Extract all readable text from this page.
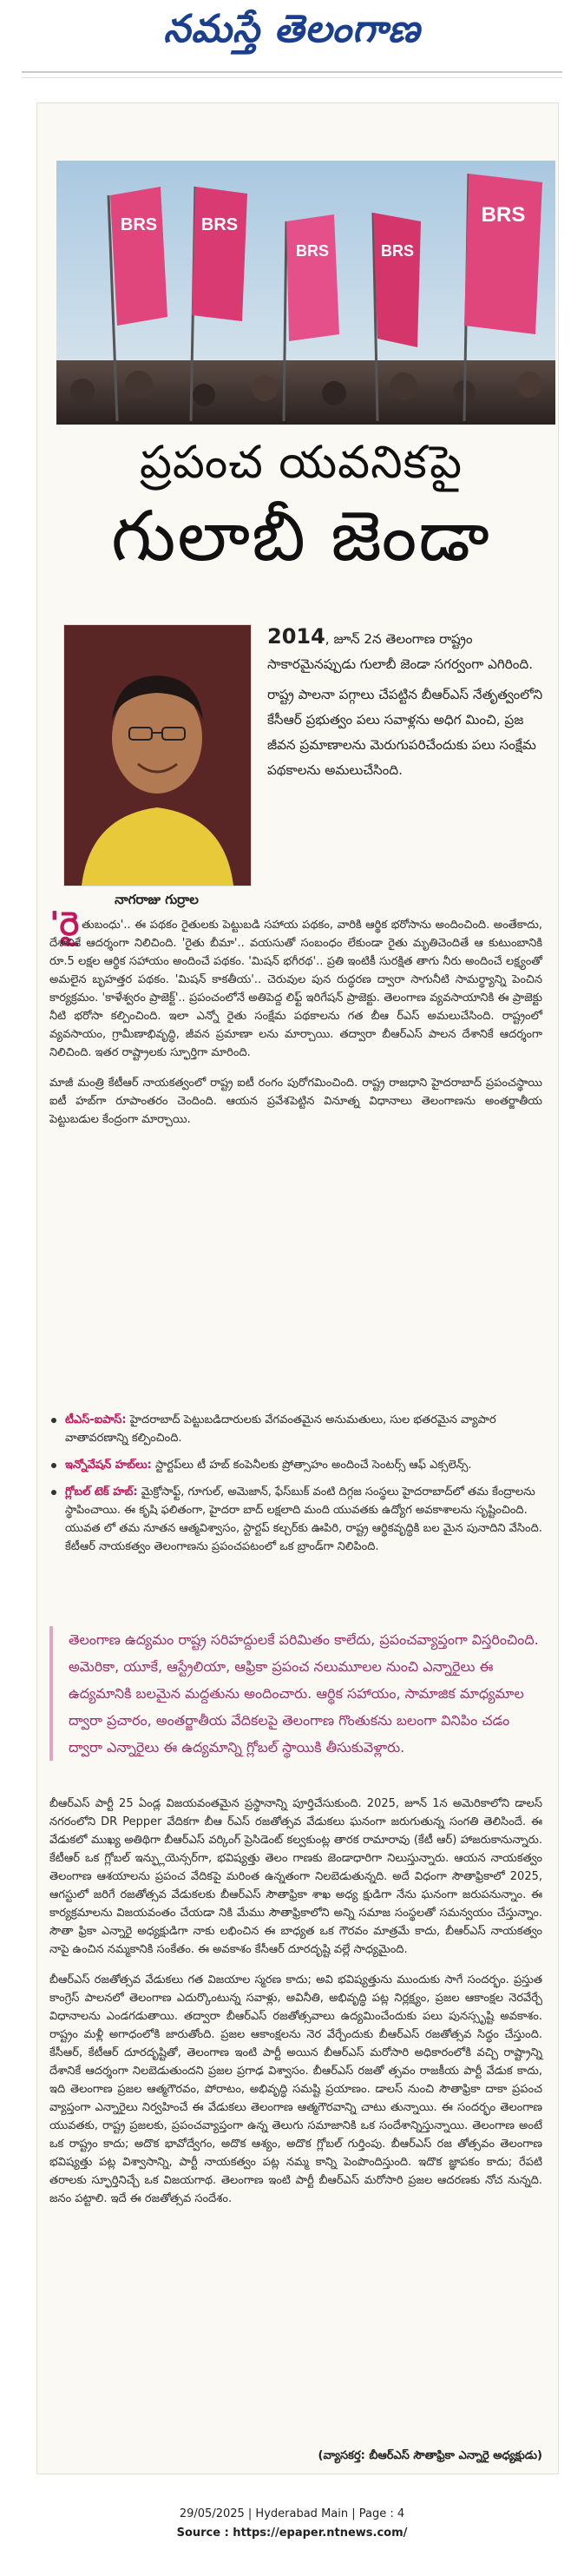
నమస్తే తెలంగాణ
BRS	BRS
BRS	BRS
BRS
ప్రపంచ యవనికపై
గులాబీ జెండా
నాగరాజు గుర్రాల

2014, జూన్ 2న తెలంగాణ రాష్ట్రం సాకారమైనప్పుడు గులాబీ జెండా సగర్వంగా ఎగిరింది.

రాష్ట్ర పాలనా పగ్గాలు చేపట్టిన బీఆర్ఎస్ నేతృత్వంలోని కేసీఆర్ ప్రభుత్వం పలు సవాళ్లను అధిగ మించి, ప్రజ జీవన ప్రమాణాలను మెరుగుపరిచేందుకు పలు సంక్షేమ పథకాలను అమలుచేసింది.

'రైతుబంధు'.. ఈ పథకం రైతులకు పెట్టుబడి సహాయ పథకం, వారికి ఆర్థిక భరోసాను అందించింది. అంతేకాదు, దేశానికే ఆదర్శంగా నిలిచింది. 'రైతు బీమా'.. వయసుతో సంబంధం లేకుండా రైతు మృతిచెందితే ఆ కుటుంబానికి రూ.5 లక్షల ఆర్థిక సహాయం అందించే పథకం. 'మిషన్ భగీరథ'.. ప్రతి ఇంటికీ సురక్షిత తాగు నీరు అందించే లక్ష్యంతో అమలైన బృహత్తర పథకం. 'మిషన్ కాకతీయ'.. చెరువుల పున రుద్ధరణ ద్వారా సాగునీటి సామర్థ్యాన్ని పెంచిన కార్యక్రమం. 'కాళేశ్వరం ప్రాజెక్ట్'.. ప్రపంచంలోనే అతిపెద్ద లిఫ్ట్ ఇరిగేషన్ ప్రాజెక్టు. తెలంగాణ వ్యవసాయానికి ఈ ప్రాజెక్టు నీటి భరోసా కల్పించింది. ఇలా ఎన్నో రైతు సంక్షేమ పథకాలను గత బీఆ ర్ఎస్ అమలుచేసింది. రాష్ట్రంలో వ్యవసాయం, గ్రామీణాభివృద్ధి, జీవన ప్రమాణా లను మార్చాయి. తద్వారా బీఆర్ఎస్ పాలన దేశానికే ఆదర్శంగా నిలిచింది. ఇతర రాష్ట్రాలకు స్ఫూర్తిగా మారింది.

మాజీ మంత్రి కేటీఆర్ నాయకత్వంలో రాష్ట్ర ఐటీ రంగం పురోగమించింది. రాష్ట్ర రాజధాని హైదరాబాద్ ప్రపంచస్థాయి ఐటీ హబ్‌గా రూపాంతరం చెందింది. ఆయన ప్రవేశపెట్టిన వినూత్న విధానాలు తెలంగాణను అంతర్జాతీయ పెట్టుబడుల కేంద్రంగా మార్చాయి.

టీఎస్-ఐపాస్: హైదరాబాద్ పెట్టుబడిదారులకు వేగవంతమైన అనుమతులు, సుల భతరమైన వ్యాపార వాతావరణాన్ని కల్పించింది.
ఇన్నోవేషన్ హబ్‌లు: స్టార్టప్‌లు టీ హబ్ కంపెనీలకు ప్రోత్సాహం అందించే సెంటర్స్ ఆఫ్ ఎక్సలెన్స్.
గ్లోబల్ టెక్ హబ్: మైక్రోసాఫ్ట్, గూగుల్, అమెజాన్, ఫేస్‌బుక్ వంటి దిగ్గజ సంస్థలు హైదరాబాద్‌లో తమ కేంద్రాలను స్థాపించాయి. ఈ కృషి ఫలితంగా, హైదరా బాద్ లక్షలాది మంది యువతకు ఉద్యోగ అవకాశాలను సృష్టించింది. యువత లో తమ నూతన ఆత్మవిశ్వాసం, స్టార్టప్ కల్చర్‌కు ఊపిరి, రాష్ట్ర ఆర్థికవృద్ధికి బల మైన పునాదిని వేసింది. కేటీఆర్ నాయకత్వం తెలంగాణను ప్రపంచపటంలో ఒక బ్రాండ్‌గా నిలిపింది.
తెలంగాణ ఉద్యమం రాష్ట్ర సరిహద్దులకే పరిమితం కాలేదు, ప్రపంచవ్యాప్తంగా విస్తరించింది. అమెరికా, యూకే, ఆస్ట్రేలియా, ఆఫ్రికా ప్రపంచ నలుమూలల నుంచి ఎన్నారైలు ఈ ఉద్యమానికి బలమైన మద్దతును అందించారు. ఆర్థిక సహాయం, సామాజిక మాధ్యమాల ద్వారా ప్రచారం, అంతర్జాతీయ వేదికలపై తెలంగాణ గొంతుకను బలంగా వినిపిం చడం ద్వారా ఎన్నారైలు ఈ ఉద్యమాన్ని గ్లోబల్ స్థాయికి తీసుకువెళ్లారు.

బీఆర్ఎస్ పార్టీ 25 ఏండ్ల విజయవంతమైన ప్రస్థానాన్ని పూర్తిచేసుకుంది. 2025, జూన్ 1న అమెరికాలోని డాలస్ నగరంలోని DR Pepper వేదికగా బీఆ ర్ఎస్ రజతోత్సవ వేడుకలు ఘనంగా జరుగుతున్న సంగతి తెలిసిందే. ఈ వేడుకలో ముఖ్య అతిథిగా బీఆర్ఎస్ వర్కింగ్ ప్రెసిడెంట్ కల్వకుంట్ల తారక రామారావు (కేటీ ఆర్) హాజరుకానున్నారు. కేటీఆర్ ఒక గ్లోబల్ ఇన్ఫ్లుయెన్సర్‌గా, భవిష్యత్తు తెలం గాణకు జెండాధారిగా నిలుస్తున్నారు. ఆయన నాయకత్వం తెలంగాణ ఆశయాలను ప్రపంచ వేదికపై మరింత ఉన్నతంగా నిలబెడుతున్నది. అదే విధంగా సౌతాఫ్రికాలో 2025, ఆగస్టులో జరిగే రజతోత్సవ వేడుకలకు బీఆర్ఎస్ సౌతాఫ్రికా శాఖ అధ్య క్షుడిగా నేను ఘనంగా జరుపనున్నాం. ఈ కార్యక్రమాలను విజయవంతం చేయడా నికి మేము సౌతాఫ్రికాలోని అన్ని సమాజ సంస్థలతో సమన్వయం చేస్తున్నాం. సౌతా ఫ్రికా ఎన్నారై అధ్యక్షుడిగా నాకు లభించిన ఈ బాధ్యత ఒక గౌరవం మాత్రమే కాదు, బీఆర్ఎస్ నాయకత్వం నాపై ఉంచిన నమ్మకానికి సంకేతం. ఈ అవకాశం కేసీఆర్ దూరదృష్టి వల్లే సాధ్యమైంది.

బీఆర్ఎస్ రజతోత్సవ వేడుకలు గత విజయాల స్మరణ కాదు; అవి భవిష్యత్తును ముందుకు సాగే సందర్భం. ప్రస్తుత కాంగ్రెస్ పాలనలో తెలంగాణ ఎదుర్కొంటున్న సవాళ్లు, అవినీతి, అభివృద్ధి పట్ల నిర్లక్ష్యం, ప్రజల ఆకాంక్షల నెరవేర్చే విధానాలను ఎండగడుతాయి. తద్వారా బీఆర్ఎస్ రజతోత్సవాలు ఉద్యమించేందుకు పలు పునస్సృష్టి అవకాశం. రాష్ట్రం మళ్లీ అగాధంలోకి జారుతోంది. ప్రజల ఆకాంక్షలను నెర వేర్చేందుకు బీఆర్ఎస్ రజతోత్సవ సిద్ధం చేస్తుంది. కేసీఆర్, కేటీఆర్ దూరదృష్టితో, తెలంగాణ ఇంటి పార్టీ అయిన బీఆర్ఎస్ మరోసారి అధికారంలోకి వచ్చి రాష్ట్రాన్ని దేశానికే ఆదర్శంగా నిలబెడుతుందని ప్రజల ప్రగాఢ విశ్వాసం. బీఆర్ఎస్ రజతో త్సవం రాజకీయ పార్టీ వేడుక కాదు, ఇది తెలంగాణ ప్రజల ఆత్మగౌరవం, పోరాటం, అభివృద్ధి సమష్టి ప్రయాణం. డాలస్ నుంచి సౌతాఫ్రికా దాకా ప్రపంచ వ్యాప్తంగా ఎన్నారైలు నిర్వహించే ఈ వేడుకలు తెలంగాణ ఆత్మగౌరవాన్ని చాటు తున్నాయి. ఈ సందర్భం తెలంగాణ యువతకు, రాష్ట్ర ప్రజలకు, ప్రపంచవ్యాప్తంగా ఉన్న తెలుగు సమాజానికి ఒక సందేశాన్నిస్తున్నాయి. తెలంగాణ అంటే ఒక రాష్ట్రం కాదు; అదొక భావోద్వేగం, అదొక ఆశ్యం, అదొక గ్లోబల్ గుర్తింపు. బీఆర్ఎస్ రజ తోత్సవం తెలంగాణ భవిష్యత్తు పట్ల విశ్వాసాన్ని, పార్టీ నాయకత్వం పట్ల నమ్మ కాన్ని పెంపొందిస్తుంది. ఇదొక జ్ఞాపకం కాదు; రేపటి తరాలకు స్ఫూర్తినిచ్చే ఒక విజయగాథ. తెలంగాణ ఇంటి పార్టీ బీఆర్ఎస్ మరోసారి ప్రజల ఆదరణకు నోచ నున్నది. జనం పట్టాలి. ఇదే ఈ రజతోత్సవ సందేశం.

(వ్యాసకర్త: బీఆర్ఎస్ సౌతాఫ్రికా ఎన్నారై అధ్యక్షుడు)
29/05/2025 | Hyderabad Main | Page : 4
Source : https://epaper.ntnews.com/
